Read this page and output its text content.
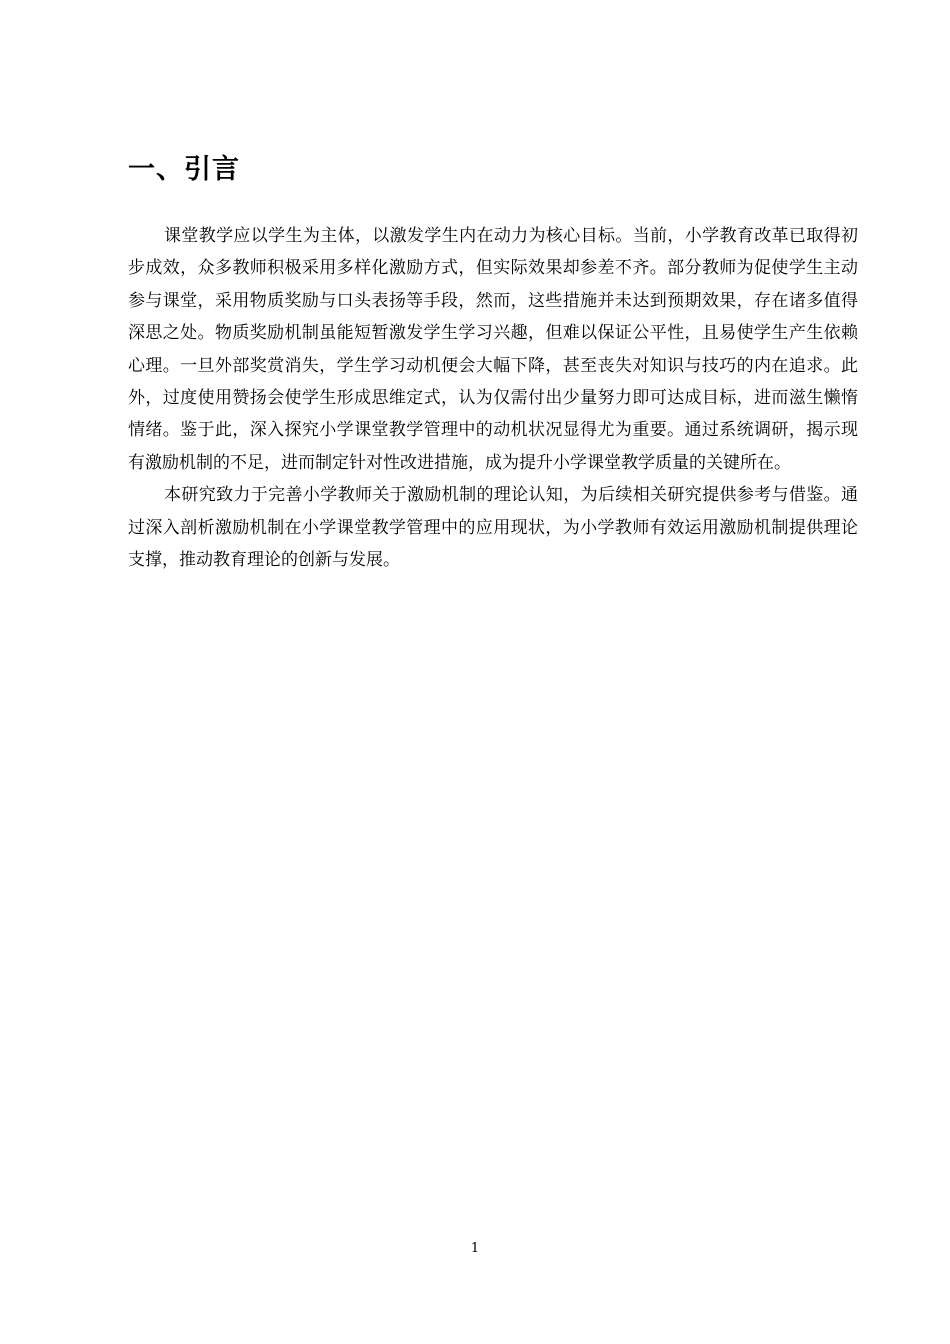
一、引言

课堂教学应以学生为主体，以激发学生内在动力为核心目标。当前，小学教育改革已取得初步成效，众多教师积极采用多样化激励方式，但实际效果却参差不齐。部分教师为促使学生主动参与课堂，采用物质奖励与口头表扬等手段，然而，这些措施并未达到预期效果，存在诸多值得深思之处。物质奖励机制虽能短暂激发学生学习兴趣，但难以保证公平性，且易使学生产生依赖心理。一旦外部奖赏消失，学生学习动机便会大幅下降，甚至丧失对知识与技巧的内在追求。此外，过度使用赞扬会使学生形成思维定式，认为仅需付出少量努力即可达成目标，进而滋生懒惰情绪。鉴于此，深入探究小学课堂教学管理中的动机状况显得尤为重要。通过系统调研，揭示现有激励机制的不足，进而制定针对性改进措施，成为提升小学课堂教学质量的关键所在。

本研究致力于完善小学教师关于激励机制的理论认知，为后续相关研究提供参考与借鉴。通过深入剖析激励机制在小学课堂教学管理中的应用现状，为小学教师有效运用激励机制提供理论支撑，推动教育理论的创新与发展。

1
